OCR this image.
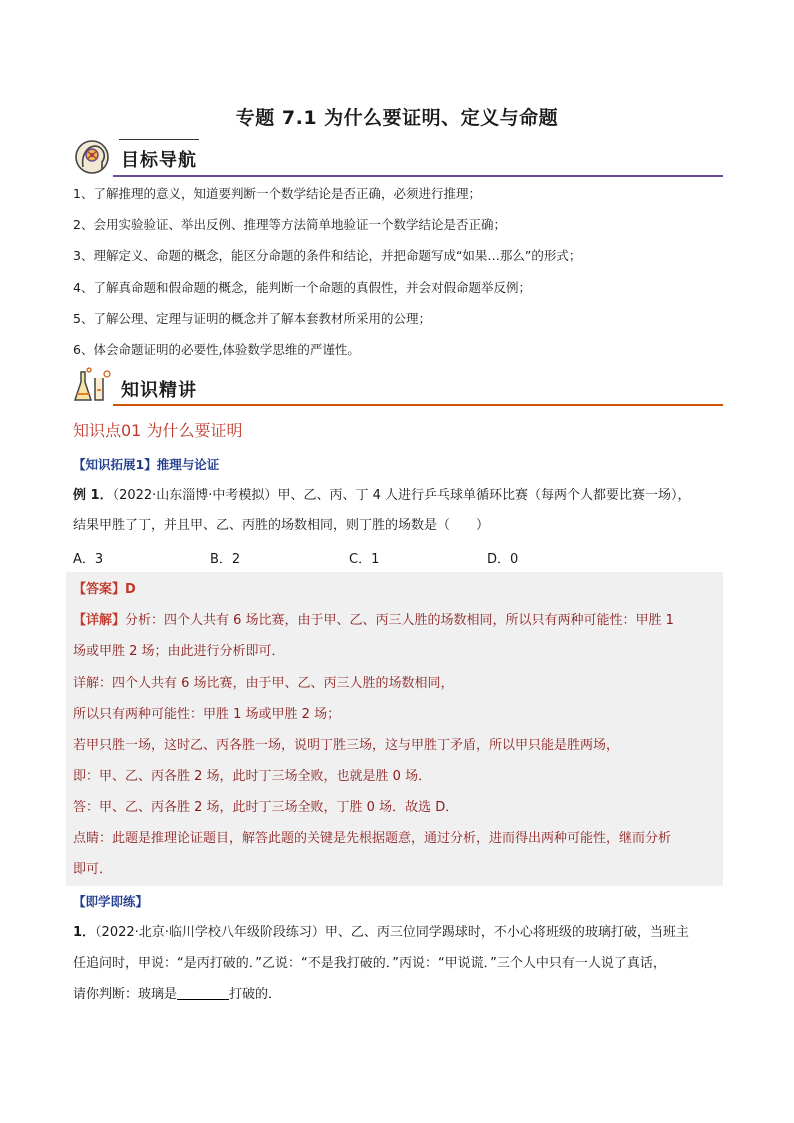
专题 7.1 为什么要证明、定义与命题
目标导航
1、了解推理的意义，知道要判断一个数学结论是否正确，必须进行推理；
2、会用实验验证、举出反例、推理等方法简单地验证一个数学结论是否正确；
3、理解定义、命题的概念，能区分命题的条件和结论，并把命题写成“如果…那么”的形式；
4、了解真命题和假命题的概念，能判断一个命题的真假性，并会对假命题举反例；
5、了解公理、定理与证明的概念并了解本套教材所采用的公理；
6、体会命题证明的必要性,体验数学思维的严谨性。
知识精讲
知识点01 为什么要证明
【知识拓展1】推理与论证
例 1．（2022·山东淄博·中考模拟）甲、乙、丙、丁 4 人进行乒乓球单循环比赛（每两个人都要比赛一场），
结果甲胜了丁，并且甲、乙、丙胜的场数相同，则丁胜的场数是（　　）
A．3	B．2	C．1	D．0
【答案】D
【详解】分析：四个人共有 6 场比赛，由于甲、乙、丙三人胜的场数相同，所以只有两种可能性：甲胜 1
场或甲胜 2 场；由此进行分析即可．
详解：四个人共有 6 场比赛，由于甲、乙、丙三人胜的场数相同，
所以只有两种可能性：甲胜 1 场或甲胜 2 场；
若甲只胜一场，这时乙、丙各胜一场，说明丁胜三场，这与甲胜丁矛盾，所以甲只能是胜两场，
即：甲、乙、丙各胜 2 场，此时丁三场全败，也就是胜 0 场．
答：甲、乙、丙各胜 2 场，此时丁三场全败，丁胜 0 场．故选 D．
点睛：此题是推理论证题目，解答此题的关键是先根据题意，通过分析，进而得出两种可能性，继而分析
即可．
【即学即练】
1．（2022·北京·临川学校八年级阶段练习）甲、乙、丙三位同学踢球时，不小心将班级的玻璃打破，当班主
任追问时，甲说：“是丙打破的．”乙说：“不是我打破的．”丙说：“甲说谎．”三个人中只有一人说了真话，
请你判断：玻璃是	打破的．
